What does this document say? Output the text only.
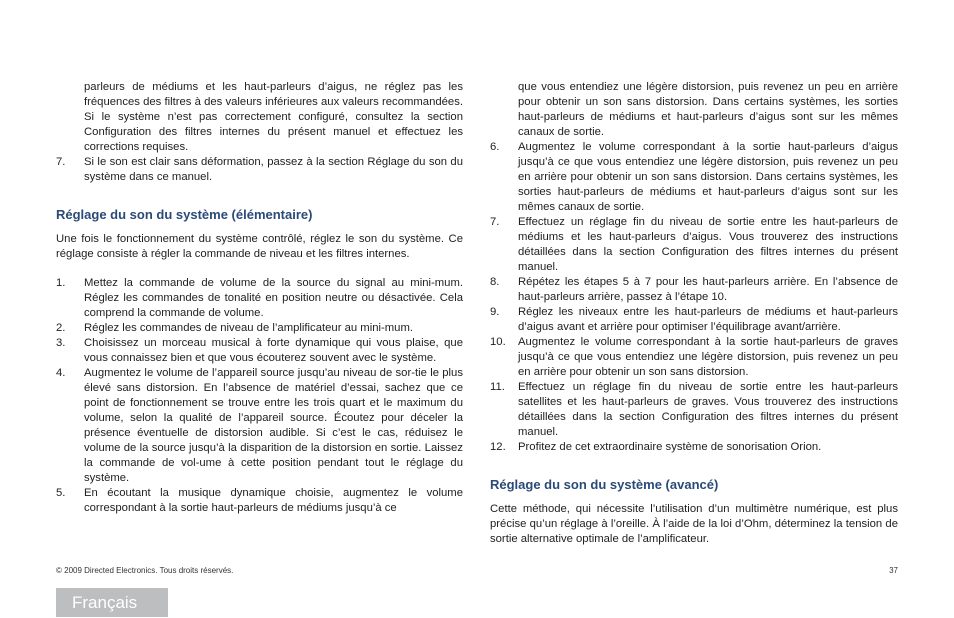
parleurs de médiums et les haut-parleurs d’aigus, ne réglez pas les fréquences des filtres à des valeurs inférieures aux valeurs recommandées. Si le système n’est pas correctement configuré, consultez la section Configuration des filtres internes du présent manuel et effectuez les corrections requises.

7. Si le son est clair sans déformation, passez à la section Réglage du son du système dans ce manuel.
Réglage du son du système (élémentaire)

Une fois le fonctionnement du système contrôlé, réglez le son du système. Ce réglage consiste à régler la commande de niveau et les filtres internes.

1. Mettez la commande de volume de la source du signal au mini-mum. Réglez les commandes de tonalité en position neutre ou désactivée. Cela comprend la commande de volume.
2. Réglez les commandes de niveau de l’amplificateur au mini-mum.
3. Choisissez un morceau musical à forte dynamique qui vous plaise, que vous connaissez bien et que vous écouterez souvent avec le système.
4. Augmentez le volume de l’appareil source jusqu’au niveau de sor-tie le plus élevé sans distorsion. En l’absence de matériel d’essai, sachez que ce point de fonctionnement se trouve entre les trois quart et le maximum du volume, selon la qualité de l’appareil source. Écoutez pour déceler la présence éventuelle de distorsion audible. Si c’est le cas, réduisez le volume de la source jusqu’à la disparition de la distorsion en sortie. Laissez la commande de vol-ume à cette position pendant tout le réglage du système.
5. En écoutant la musique dynamique choisie, augmentez le volume correspondant à la sortie haut-parleurs de médiums jusqu’à ce

que vous entendiez une légère distorsion, puis revenez un peu en arrière pour obtenir un son sans distorsion. Dans certains systèmes, les sorties haut-parleurs de médiums et haut-parleurs d’aigus sont sur les mêmes canaux de sortie.

6. Augmentez le volume correspondant à la sortie haut-parleurs d’aigus jusqu’à ce que vous entendiez une légère distorsion, puis revenez un peu en arrière pour obtenir un son sans distorsion. Dans certains systèmes, les sorties haut-parleurs de médiums et haut-parleurs d’aigus sont sur les mêmes canaux de sortie.
7. Effectuez un réglage fin du niveau de sortie entre les haut-parleurs de médiums et les haut-parleurs d’aigus. Vous trouverez des instructions détaillées dans la section Configuration des filtres internes du présent manuel.
8. Répétez les étapes 5 à 7 pour les haut-parleurs arrière. En l’absence de haut-parleurs arrière, passez à l’étape 10.
9. Réglez les niveaux entre les haut-parleurs de médiums et haut-parleurs d’aigus avant et arrière pour optimiser l’équilibrage avant/arrière.
10. Augmentez le volume correspondant à la sortie haut-parleurs de graves jusqu’à ce que vous entendiez une légère distorsion, puis revenez un peu en arrière pour obtenir un son sans distorsion.
11. Effectuez un réglage fin du niveau de sortie entre les haut-parleurs satellites et les haut-parleurs de graves. Vous trouverez des instructions détaillées dans la section Configuration des filtres internes du présent manuel.
12. Profitez de cet extraordinaire système de sonorisation Orion.
Réglage du son du système (avancé)

Cette méthode, qui nécessite l’utilisation d’un multimètre numérique, est plus précise qu’un réglage à l’oreille. À l’aide de la loi d’Ohm, déterminez la tension de sortie alternative optimale de l’amplificateur.

© 2009 Directed Electronics. Tous droits réservés.	37
Français
